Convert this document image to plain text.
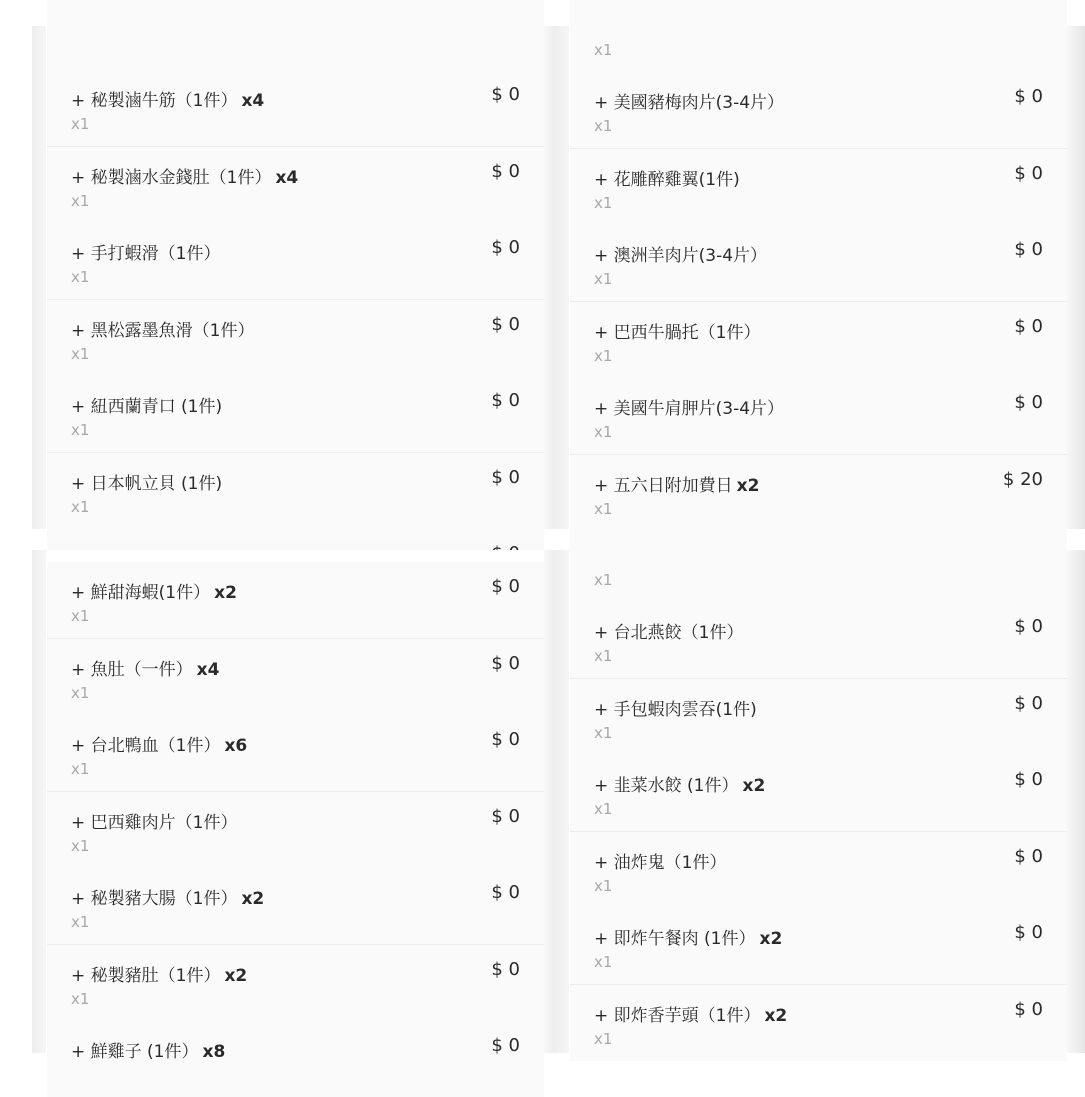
+ 秘製滷牛筋（1件） x4
x1
$ 0
+ 秘製滷水金錢肚（1件） x4
x1
$ 0
+ 手打蝦滑（1件）
x1
$ 0
+ 黑松露墨魚滑（1件）
x1
$ 0
+ 紐西蘭青口 (1件)
x1
$ 0
+ 日本帆立貝 (1件)
x1
$ 0
x1
+ 美國豬梅肉片(3-4片）
x1
$ 0
+ 花雕醉雞翼(1件)
x1
$ 0
+ 澳洲羊肉片(3-4片）
x1
$ 0
+ 巴西牛腡托（1件）
x1
$ 0
+ 美國牛肩胛片(3-4片）
x1
$ 0
+ 五六日附加費日 x2
x1
$ 20
+ 鮮甜海蝦(1件） x2
x1
$ 0
+ 魚肚（一件） x4
x1
$ 0
+ 台北鴨血（1件） x6
x1
$ 0
+ 巴西雞肉片（1件）
x1
$ 0
+ 秘製豬大腸（1件） x2
x1
$ 0
+ 秘製豬肚（1件） x2
x1
$ 0
+ 鮮雞子 (1件） x8	$ 0
x1
+ 台北燕餃（1件）
x1
$ 0
+ 手包蝦肉雲吞(1件)
x1
$ 0
+ 韭菜水餃 (1件） x2
x1
$ 0
+ 油炸鬼（1件）
x1
$ 0
+ 即炸午餐肉 (1件） x2
x1
$ 0
+ 即炸香芋頭（1件） x2
x1
$ 0
